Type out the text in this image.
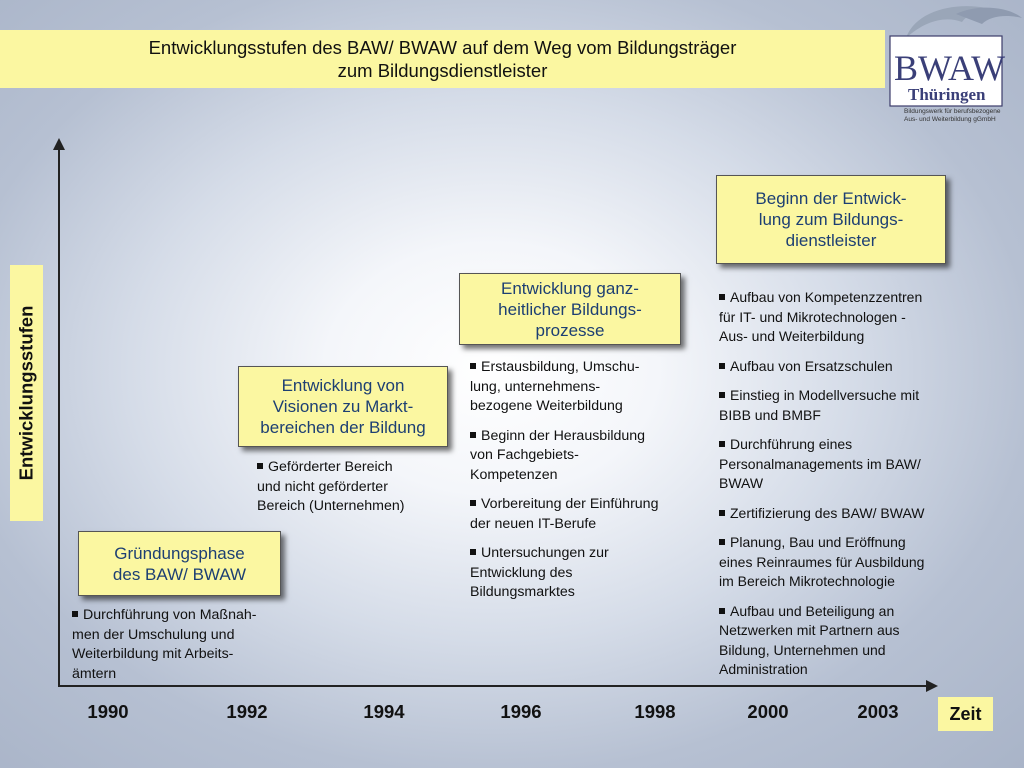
Entwicklungsstufen des BAW/ BWAW auf dem Weg vom Bildungsträger
zum Bildungsdienstleister	BWAW
Thüringen
Bildungswerk für berufsbezogene
Aus- und Weiterbildung gGmbH
Entwicklungsstufen
Zeit
1990	1992	1994	1996	1998	2000	2003
Gründungsphase
des BAW/ BWAW
Durchführung von Maßnah-
men der Umschulung und
Weiterbildung mit Arbeits-
ämtern
Entwicklung von
Visionen zu Markt-
bereichen der Bildung
Geförderter Bereich
und nicht geförderter
Bereich (Unternehmen)
Entwicklung ganz-
heitlicher Bildungs-
prozesse
Erstausbildung, Umschu-
lung, unternehmens-
bezogene Weiterbildung
Beginn der Herausbildung
von Fachgebiets-
Kompetenzen
Vorbereitung der Einführung
der neuen IT-Berufe
Untersuchungen zur
Entwicklung des
Bildungsmarktes
Beginn der Entwick-
lung zum Bildungs-
dienstleister
Aufbau von Kompetenzzentren
für IT- und Mikrotechnologen -
Aus- und Weiterbildung
Aufbau von Ersatzschulen
Einstieg in Modellversuche mit
BIBB und BMBF
Durchführung eines
Personalmanagements im BAW/
BWAW
Zertifizierung des BAW/ BWAW
Planung, Bau und Eröffnung
eines Reinraumes für Ausbildung
im Bereich Mikrotechnologie
Aufbau und Beteiligung an
Netzwerken mit Partnern aus
Bildung, Unternehmen und
Administration
